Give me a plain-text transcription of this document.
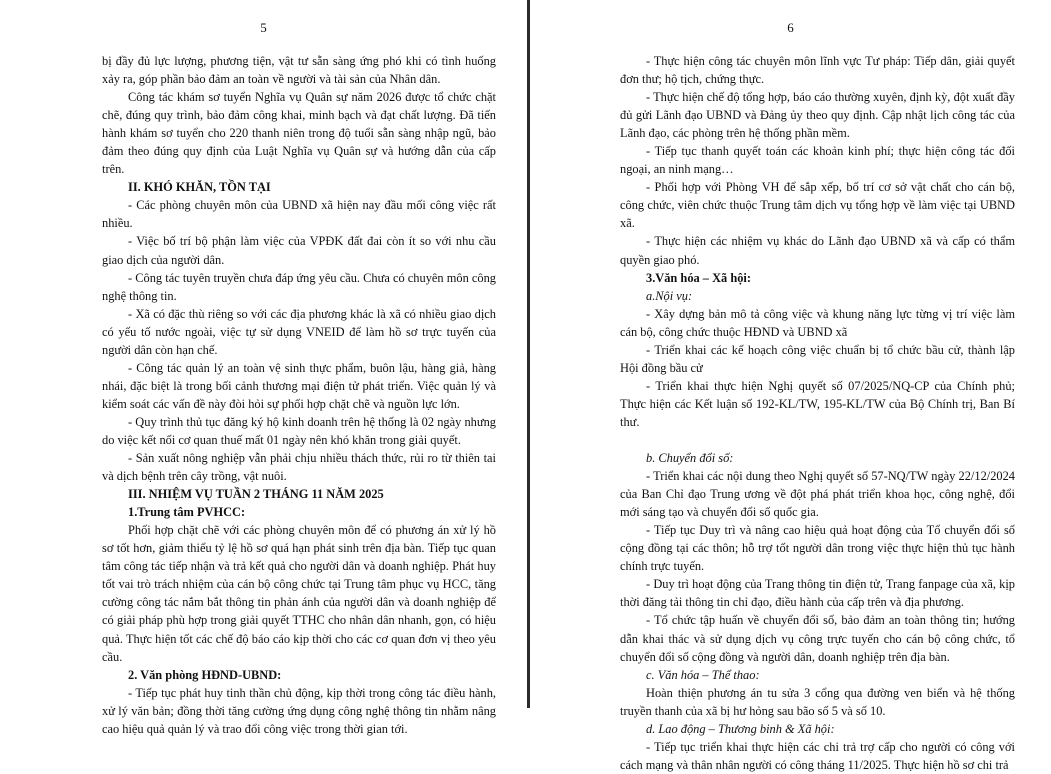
5

bị đầy đủ lực lượng, phương tiện, vật tư sẵn sàng ứng phó khi có tình huống xảy ra, góp phần bảo đảm an toàn về người và tài sản của Nhân dân.

Công tác khám sơ tuyển Nghĩa vụ Quân sự năm 2026 được tổ chức chặt chẽ, đúng quy trình, bảo đảm công khai, minh bạch và đạt chất lượng. Đã tiến hành khám sơ tuyển cho 220 thanh niên trong độ tuổi sẵn sàng nhập ngũ, bảo đảm theo đúng quy định của Luật Nghĩa vụ Quân sự và hướng dẫn của cấp trên.

II. KHÓ KHĂN, TỒN TẠI

- Các phòng chuyên môn của UBND xã hiện nay đầu mối công việc rất nhiều.

- Việc bố trí bộ phận làm việc của VPĐK đất đai còn ít so với nhu cầu giao dịch của người dân.

- Công tác tuyên truyền chưa đáp ứng yêu cầu. Chưa có chuyên môn công nghệ thông tin.

- Xã có đặc thù riêng so với các địa phương khác là xã có nhiều giao dịch có yếu tố nước ngoài, việc tự sử dụng VNEID để làm hồ sơ trực tuyến của người dân còn hạn chế.

- Công tác quản lý an toàn vệ sinh thực phẩm, buôn lậu, hàng giả, hàng nhái, đặc biệt là trong bối cảnh thương mại điện tử phát triển. Việc quản lý và kiểm soát các vấn đề này đòi hỏi sự phối hợp chặt chẽ và nguồn lực lớn.

- Quy trình thủ tục đăng ký hộ kinh doanh trên hệ thống là 02 ngày nhưng do việc kết nối cơ quan thuế mất 01 ngày nên khó khăn trong giải quyết.

- Sản xuất nông nghiệp vẫn phải chịu nhiều thách thức, rủi ro từ thiên tai và dịch bệnh trên cây trồng, vật nuôi.

III. NHIỆM VỤ TUẦN 2 THÁNG 11 NĂM 2025

1.Trung tâm PVHCC:

Phối hợp chặt chẽ với các phòng chuyên môn để có phương án xử lý hồ sơ tốt hơn, giảm thiểu tỷ lệ hồ sơ quá hạn phát sinh trên địa bàn. Tiếp tục quan tâm công tác tiếp nhận và trả kết quả cho người dân và doanh nghiệp. Phát huy tốt vai trò trách nhiệm của cán bộ công chức tại Trung tâm phục vụ HCC, tăng cường công tác nắm bắt thông tin phản ánh của người dân và doanh nghiệp để có giải pháp phù hợp trong giải quyết TTHC cho nhân dân nhanh, gọn, có hiệu quả. Thực hiện tốt các chế độ báo cáo kịp thời cho các cơ quan đơn vị theo yêu cầu.

2. Văn phòng HĐND-UBND:

- Tiếp tục phát huy tinh thần chủ động, kịp thời trong công tác điều hành, xử lý văn bản; đồng thời tăng cường ứng dụng công nghệ thông tin nhằm nâng cao hiệu quả quản lý và trao đổi công việc trong thời gian tới.

6

- Thực hiện công tác chuyên môn lĩnh vực Tư pháp: Tiếp dân, giải quyết đơn thư; hộ tịch, chứng thực.

- Thực hiện chế độ tổng hợp, báo cáo thường xuyên, định kỳ, đột xuất đầy đủ gửi Lãnh đạo UBND và Đảng ủy theo quy định. Cập nhật lịch công tác của Lãnh đạo, các phòng trên hệ thống phần mềm.

- Tiếp tục thanh quyết toán các khoản kinh phí; thực hiện công tác đối ngoại, an ninh mạng…

- Phối hợp với Phòng VH để sắp xếp, bố trí cơ sở vật chất cho cán bộ, công chức, viên chức thuộc Trung tâm dịch vụ tổng hợp về làm việc tại UBND xã.

- Thực hiện các nhiệm vụ khác do Lãnh đạo UBND xã và cấp có thẩm quyền giao phó.

3.Văn hóa – Xã hội:

a.Nội vụ:

- Xây dựng bản mô tả công việc và khung năng lực từng vị trí việc làm cán bộ, công chức thuộc HĐND và UBND xã

- Triển khai các kế hoạch công việc chuẩn bị tổ chức bầu cử, thành lập Hội đồng bầu cử

- Triển khai thực hiện Nghị quyết số 07/2025/NQ-CP của Chính phủ; Thực hiện các Kết luận số 192-KL/TW, 195-KL/TW của Bộ Chính trị, Ban Bí thư.

b. Chuyển đổi số:

- Triển khai các nội dung theo Nghị quyết số 57-NQ/TW ngày 22/12/2024 của Ban Chỉ đạo Trung ương về đột phá phát triển khoa học, công nghệ, đổi mới sáng tạo và chuyển đổi số quốc gia.

- Tiếp tục Duy trì và nâng cao hiệu quả hoạt động của Tổ chuyển đổi số cộng đồng tại các thôn; hỗ trợ tốt người dân trong việc thực hiện thủ tục hành chính trực tuyến.

- Duy trì hoạt động của Trang thông tin điện tử, Trang fanpage của xã, kịp thời đăng tải thông tin chỉ đạo, điều hành của cấp trên và địa phương.

- Tổ chức tập huấn về chuyển đổi số, bảo đảm an toàn thông tin; hướng dẫn khai thác và sử dụng dịch vụ công trực tuyến cho cán bộ công chức, tổ chuyển đổi số cộng đồng và người dân, doanh nghiệp trên địa bàn.

c. Văn hóa – Thể thao:

Hoàn thiện phương án tu sửa 3 cổng qua đường ven biển và hệ thống truyền thanh của xã bị hư hỏng sau bão số 5 và số 10.

d. Lao động – Thương binh & Xã hội:

- Tiếp tục triển khai thực hiện các chi trả trợ cấp cho người có công với cách mạng và thân nhân người có công tháng 11/2025. Thực hiện hồ sơ chi trả
